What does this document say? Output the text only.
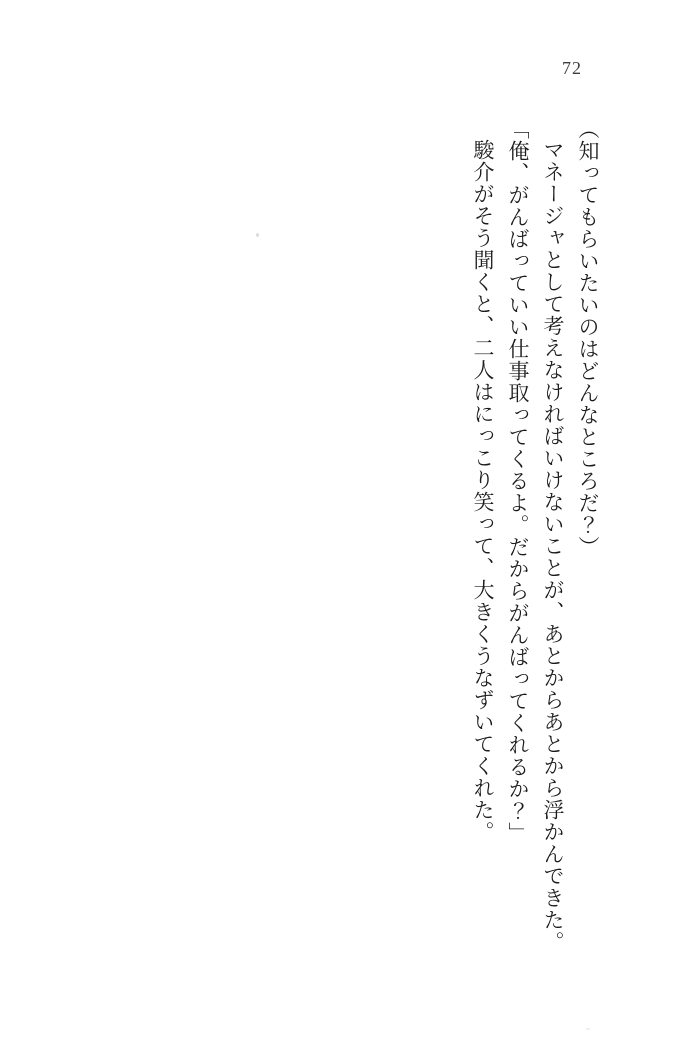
72

（知ってもらいたいのはどんなところだ？）

マネージャとして考えなければいけないことが、あとからあとから浮かんできた。

「俺、がんばっていい仕事取ってくるよ。だからがんばってくれるか？」

駿介がそう聞くと、二人はにっこり笑って、大きくうなずいてくれた。
